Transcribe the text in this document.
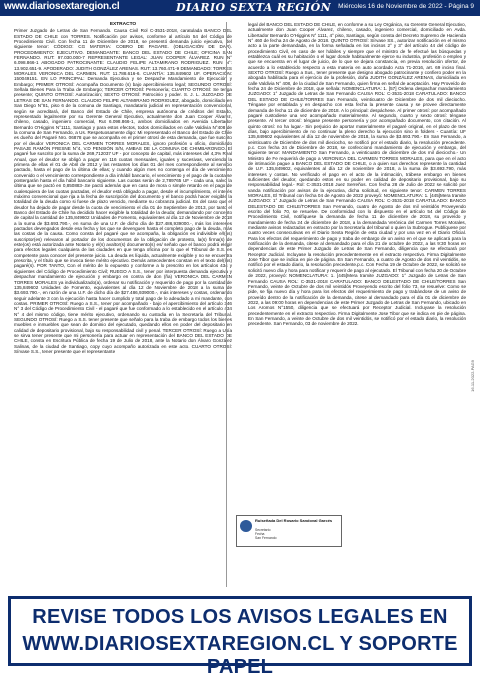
www.diariosextaregion.cl	DIARIO SEXTA REGIÓN Miércoles 16 de Noviembre de 2022 - Página 9
EXTRACTO

Primer Juzgado de Letras de San Fernando. Causa Civil Rol C-3531-2018, caratulada BANCO DEL ESTADO DE CHILE con TORRES. Notificación por avisos, conforme al artículo 54 del Código de Procedimiento Civil. Con fecha 11 de Diciembre de 2018, se presentó demanda juicio ejecutivo, del siguiente tenor: CÓDIGO: CG MATERIA: COBRO DE PAGARE. (OBLIGACIÓN DE DAR). PROCEDIMIENTO: EJECUTIVO. DEMANDANTE: BANCO DEL ESTADO DE CHILE; OFICINA SAN FERNANDO. RUT: 97.030.000-7 REPRESENTANTE LEGAL: JUAN COOPER ÁLVAREZ. RUN N° 6.098.866-1 ABOGADO PATROCINANTE: CLAUDIO FELIPE ALTAMIRANO RODRIGUEZ. RUN N°: 13.902.651-9. APODERADO: JUDITH GONZÁLEZ ARENAS. RUT: 13.760.471-9 DEMANDADO: TORRES MORALES VERONICA DEL CARMEN. RUT: 11.788.616-6. CUANTÍA: 135.849602 UF. OPERACIÓN: 150049151. EN LO PRINCIPAL: Demanda Ejecutiva y se Despache Mandamiento de Ejecución y Embargo; PRIMER OTROSÍ: Acompaña Documento (s) bajo apercibimiento legal; SEGUNDO OTROSÍ: Señala Bienes Para la Traba de Embargo; TERCER OTROSÍ: Personería; CUARTO OTROSÍ: Se tenga presente; QUINTO OTROSÍ: Autorización; SEXTO OTROSÍ: Patrocinio y poder. S. J. L. JUZGADO DE LETRAS DE SAN FERNANDO. CLAUDIO FELIPE ALTAMIRANO RODRIGUEZ, abogado, domiciliado en San Diego N°81, piso 6 de la comuna de Santiago, mandatario judicial en representación convencional, según se acreditará, del Banco del Estado de Chile, empresa autónoma de créditos del Estado, representado legalmente por su Gerente General Ejecutivo, actualmente don Juan Cooper Álvarez, chileno, casado, ingeniero comercial, Rut 6.098.866-1, ambos domiciliados en Avenida Libertador Bernardo O'Higgins N°1111, Santiago y para estos efectos, todos domiciliados en calle Valdivia N°408 de la comuna de San Fernando, a Us. Respetuosamente digo: Mi representado el Banco del Estado de Chile es dueño del Pagaré Nro. 06878 que se acompaña en el primer otrosí de esta demanda, que fue suscrito por el deudor VERONICA DEL CARMEN TORRES MORALES, ignoro profesión u oficio, domiciliado PASAJE RAMÓN FRESNE N°4, V.D PENSIÓN S/N, AMBAS DE LA COMUNA DE CHIMBARONGO. El pagaré fue suscrito por la suma de 269,712037 UF - por concepto de capital, más intereses del 4,3% Real Anual, que el deudor se obligó a pagar en 116 cuotas mensuales, iguales y sucesivas, venciendo la primera de ellas el 01 de Abril de 2012 y las restantes los días 01 del mes correspondiente al servicio pactado, hasta el pago de la última de ellas; y cuando algún mes no contenga el día de vencimiento convenido o el vencimiento correspondiente a día inhábil bancario, el vencimiento y el pago de la cuota se postergarán hasta el día hábil bancario siguiente. Las cuotas serán de 2,789765 UF - cada una, salvo la última que se pactó en 0,850883-.Se pactó además que en caso de mora o simple retardo en el pago de cualesquiera de las cuotas pactadas, el deudor está obligado a pagar, desde el incumplimiento, el interés máximo convencional que rija a la fecha de suscripción del documento y el banco podrá hacer exigible la totalidad de la deuda como si fuese de plazo vencido, mediante su cobranza judicial. Es del caso que el deudor ha dejado de pagar desde la cuota de vencimiento el día 01 de Septiembre de 2013, por tanto el Banco del Estado de Chile ha decidido hacer exigible la totalidad de la deuda; demandando por concepto de capital la cantidad de 135,849602 Unidades de Fomento, equivalentes al día 12 de Noviembre de 2018 a la suma de $3.693.790.-, en suma de una U.F. de dicho día de $27.486,939000.-, más los intereses pactados devengados desde esa fecha y los que se devenguen hasta el completo pago de la deuda, más las costas de la causa. Como consta del pagaré que se acompaña, la obligación es indivisible e/l(os) suscriptor(es) relevaron al portador de los documentos de la obligación de protesto, la(s) firma(s) de este(os) está autorizada ante Notario y el(s) avaltor(s) documento(s) es/ señalo que el banco podrá elegir para efectos legales cualquiera de las ciudades en que tenga oficina por lo que el Tribunal de S.S. es competente para conocer del presente juicio. La deuda es líquida, actualmente exigible y no se encuentra prescrita, y el título que se invoca tiene mérito ejecutivo. Demás antecedentes constan en el texto del(los) pagaré(s). POR TANTO, Con el mérito de lo expuesto y conforme a lo prescrito en los artículos 434 y siguientes del Código de Procedimiento Civil; RUEGO A S.S., tener por interpuesta demanda ejecutiva y despachar mandamiento de ejecución y embargo en contra de don (ña) VERONICA DEL CARMEN TORRES MORALES ya individualizado(a), ordenar su notificación y requerido de pago por la cantidad de 135,849602 Unidades de Fomento, equivalentes al día 12 de Noviembre de 2018 a la suma de $3.693.790.-, en razón de una U.F. de dicho día de $27.486,939000.-, más intereses y costas, ordenando seguir adelante 3 con la ejecución hasta hacer cumplido y total pago de lo adeudado a mi mandante, con costas. PRIMER OTROSÍ: Ruego a S.S., tener por acompañado - bajo el apercibimiento del artículo 346 N° 3 del Código de Procedimiento Civil - el pagaré que fue conformado a lo establecido en el artículo 434 N° 4 del mismo código, tiene mérito ejecutivo, ordenando su custodia en la Secretaría del Tribunal. SEGUNDO OTROSÍ: Ruego a S.S. tener presente que señalo para la traba de embargo todos los bienes muebles e inmuebles que sean de dominio del ejecutado, quedando ellos en poder del depositario en calidad de depositario provisional, bajo su responsabilidad civil y penal. TERCER OTROSÍ: Ruego a Usía se sirva tener presente que mi personería para actuar en representación del BANCO DEL ESTADO DE CHILE, consta en Escritura Pública de fecha 19 de Julio de 2018, ante la Notario don Álvaro González Salinas, de la ciudad de Santiago, copy cuyo acompaño autorizada en este acto. CUARTO OTROSÍ: Sírvase S.S., tener presente que el representante

legal del BANCO DEL ESTADO DE CHILE, en conforme a su Ley Orgánica, su Gerente General Ejecutivo, actualmente don Juan Cooper Álvarez, chileno, casado, ingeniero comercial, domiciliado en Avda. Libertador Bernardo O'Higgins N° 1111, 4° piso, Santiago, según consta del Decreto Supremo de Hacienda N° 460 de fecha 24 de Agosto de 2018. QUINTO OTROSÍ: Sírvase SS., autorizar notificación en el mismo acto a la parte demandada, en la forma señalada en los incisos 2° y 3° del artículo 44 del código de procedimiento Civil, en caso de ser hábiles y siempre que el ministro de fe efectué las búsquedas y establezca cuál es su habitación o el lugar donde habitualmente ejerce su industria, profesión o empleo y que se encuentra en el lugar de juicio, de lo que se dejara constancia, en previa resolución ofertor, de acuerdo a lo establecido respecto a esta materia en auto acordado Acta 71-2016, art. 69 inciso final. SEXTO OTROSÍ: Ruego a Sus., tener presente que designo abogado patrocinante y confiero poder en la abogada habilitada para el ejercicio de la profesión, doña JUDITH GONZÁLEZ ARENAS, domiciliada en calle Valdivia N° 408, de la ciudad de San Fernando, quien firma en señal de aceptación. Hay Proveído de fecha 24 de Diciembre de 2018, que señala: NOMENCLATURA: 1. [57] Ordena despachar mandamiento JUZGADO: 1° Juzgado de Letras de San Fernando CAUSA ROL: C-3531-2018 CARATULADO: BANCO DEL ESTADO DE CHILE/TORRES San Fernando, veinticuatro de Diciembre de dos mil dieciocho. Téngase por entablada y en despacho con esta fecha la presente causa y se provee directamente demanda de fecha 11 de diciembre de 2018. A lo principal: despáchese. Al primer otrosí: por acompañado pagaré custodiese una vez acompañado materialmente. Al segundo, cuarto y sexto otrosí: téngase presente. Al tercer otrosí: téngase presente personería y por acompañado documento, con citación. Al quinto otrosí: no ha lugar.- Sin perjuicio de aportar materialmente el pagaré original, en el plazo de tres días, bajo apercibimiento de no continuar la pleno derecho la ejecución sino in folders - Cuantía: UF 135,849602 equivalentes al día 12 de noviembre de 2018, la suma de $3.693.790.- En San Fernando, a veinticuatro de Diciembre de dos mil dieciocho, se notificó por el estado diario, la resolución precedente. p.c. Con fecha 24 de Diciembre de 2018, se confeccionó mandamiento de ejecución y embargo, del siguiente tenor: MANDAMIENTO San Fernando, a veinticuatro de diciembre de dos mil dieciocho.- Un Ministro de Fe requerirá de pago a VERONICA DEL CARMEN TORRES MORALES, para que en el acto de intimación pague a BANCO DEL ESTADO DE CHILE, o a quien sus derechos represente la cantidad de U.F. 135,849602, equivalentes al día 12 de noviembre de 2018, a la suma de $3.693.790, más intereses y costas. No verificado el pago en el acto de la intimación, trábese embargo en bienes suficientes del deudor, quedando estos en su poder en calidad de depositario provisional, bajo su responsabilidad legal.- Rol: C-3531-2018 Juez Serreños. Con fecha 28 de Julio de 2022 se solicitó por vanda notificación por avisos de la ejecutiva, dicha solicitud, en siguiente tenor: CARMEN TORRES MORALES, El Tribunal con fecha 04 de Agosto de 2022 proveyó: NOMENCLATURA: 1. [445]Mera tramite JUZGADO: 1° Juzgado de Letras de San Fernando CAUSA ROL: C-3531-2018 CARATULADO: BANCO DELESTADO DE CHILE/TORRES San Fernando, cuatro de Agosto de dos mil veintidós Proveyendo escrito del folio 70, se resuelve. De conformidad con lo dispuesto en el artículo 54 del Código de Procedimiento Civil, notifíquese la demanda de fecha 11 de diciembre de 2018, su proveído y mandamiento de fecha 24 de diciembre de 2018, a la demandada Verónica del Carmen Torres Morales, mediante avisos redactados en extracto por la Secretaría del tribunal o quien la Subrogue. Publíquese por cuatro veces consecutivas en el Diario Sexta Región de esta ciudad y por una vez en el Diario Oficial. Para los efectos del requerimiento de pago y traba de embargo de un aviso en el que se aplicará para la notificación de la demanda, citese al demandado para el día 21 de octubre de 2022, a las 9:30 horas en dependencias de este Primer Juzgado de Letras de San Fernando, diligencia que se efectuará por Receptor Judicial. Incluyase la resolución precedentemente en el extracto respectivo. Firma Digitalmente Jose Tibor que se indica en pie de página. En San Fernando, a cuatro de Agosto de dos mil veintidós, se notificó por el estado diario, la resolución precedente.p.c. Con Fecha 19 de Octubre de 2022, se solicitó se solicitó nuevo día y hora para notificar y requerir de pago al ejecutado. El Tribunal con fecha 20 de Octubre de 2022, proveyó: NOMENCLATURA: 1. [445]Mera tramite JUZGADO: 1° Juzgado de Letras de San Fernando CAUSA ROL: C-3531-2018 CARATULADO: BANCO DELESTADO DE CHILE/TORRES San Fernando, veinte de Octubre de dos mil veintidós Proveyendo escrito del folio 73, se resuelve: Como se pide, se fija nuevo día y hora para los efectos del requerimiento de pago y trabándose de un aviso de proveído dentro de la notificación de la demanda, citese al demandado para el día 01 de diciembre de 2022, a las 09:00 horas en dependencias de este Primer Juzgado de Letras de San Fernando, ubicado en Los Aromos N°1550, diligencia que se efectuará por Receptor Judicial. Incluyase la resolución precedentemente en el extracto respectivo. Firma Digitalmente Jose Tibor que se indica en pie de página. En San Fernando, a veinte de Octubre de dos mil veintidós, se notificó por el estado diario, la resolución precedente. San Fernando, 03 de noviembre de 2022.

Ruiseñada Del Rosario Sandoval Garcés
Secretario
Fecha
San Fernando
16-11-2022-PAG9
REVISE TODOS LOS AVISOS LEGALES EN
WWW.DIARIOSEXTAREGION.CL Y SOPORTE PAPEL
